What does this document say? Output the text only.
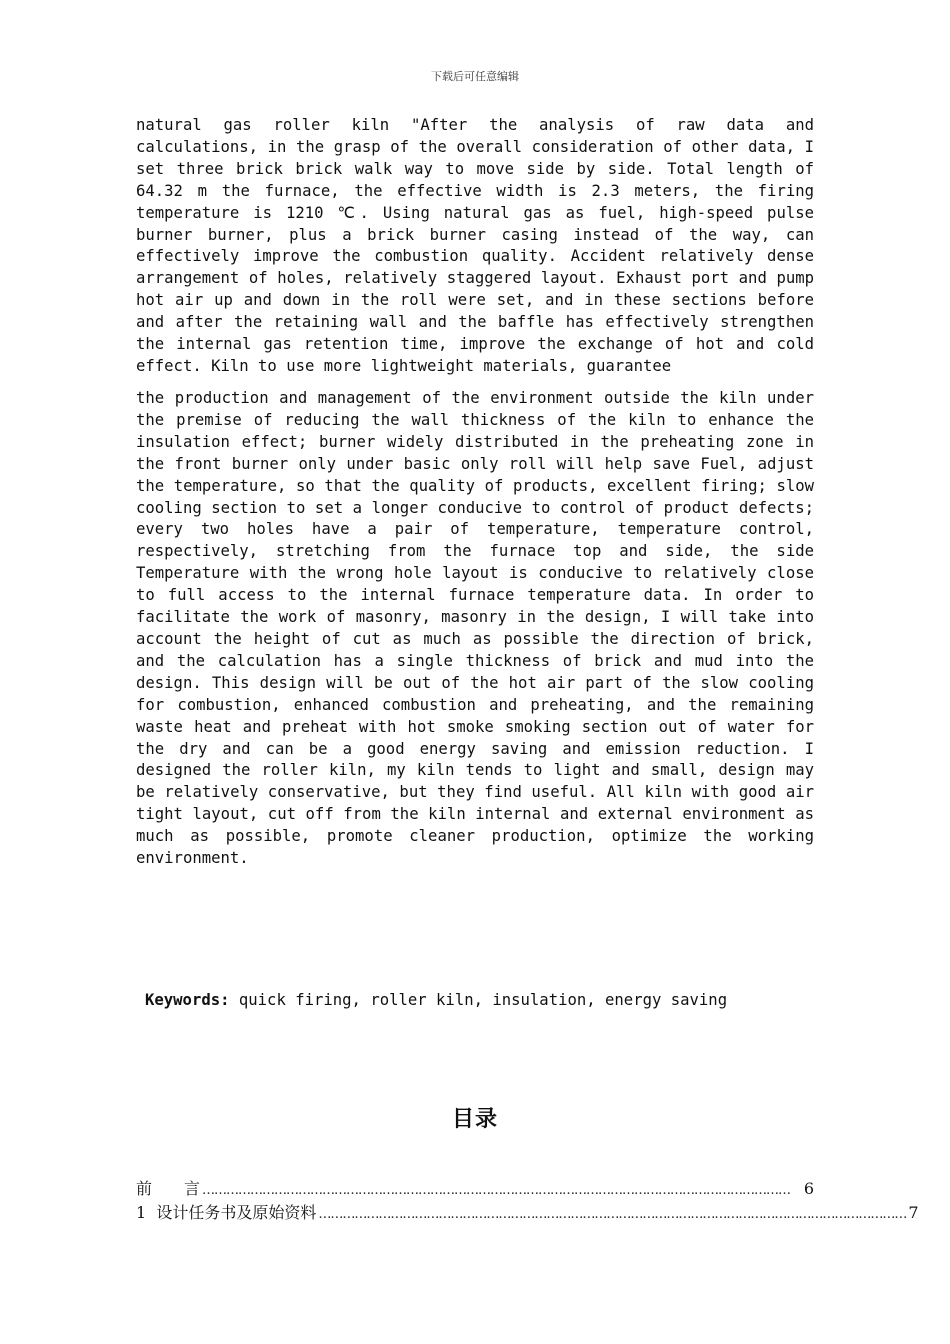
下载后可任意编辑

natural gas roller kiln "After the analysis of raw data and calculations, in the grasp of the overall consideration of other data, I set three brick brick walk way to move side by side. Total length of 64.32 m the furnace, the effective width is 2.3 meters, the firing temperature is 1210 ℃. Using natural gas as fuel, high-speed pulse burner burner, plus a brick burner casing instead of the way, can effectively improve the combustion quality. Accident relatively dense arrangement of holes, relatively staggered layout. Exhaust port and pump hot air up and down in the roll were set, and in these sections before and after the retaining wall and the baffle has effectively strengthen the internal gas retention time, improve the exchange of hot and cold effect. Kiln to use more lightweight materials, guarantee

the production and management of the environment outside the kiln under the premise of reducing the wall thickness of the kiln to enhance the insulation effect; burner widely distributed in the preheating zone in the front burner only under basic only roll will help save Fuel, adjust the temperature, so that the quality of products, excellent firing; slow cooling section to set a longer conducive to control of product defects; every two holes have a pair of temperature, temperature control, respectively, stretching from the furnace top and side, the side Temperature with the wrong hole layout is conducive to relatively close to full access to the internal furnace temperature data. In order to facilitate the work of masonry, masonry in the design, I will take into account the height of cut as much as possible the direction of brick, and the calculation has a single thickness of brick and mud into the design. This design will be out of the hot air part of the slow cooling for combustion, enhanced combustion and preheating, and the remaining waste heat and preheat with hot smoke smoking section out of water for the dry and can be a good energy saving and emission reduction. I designed the roller kiln, my kiln tends to light and small, design may be relatively conservative, but they find useful. All kiln with good air tight layout, cut off from the kiln internal and external environment as much as possible, promote cleaner production, optimize the working environment.

Keywords: quick firing, roller kiln, insulation, energy saving
目录
前　　言 ………………………………………………………………………………………………………………………………… 6
1  设计任务书及原始资料 ………………………………………………………………………………………………………………………………… 7
